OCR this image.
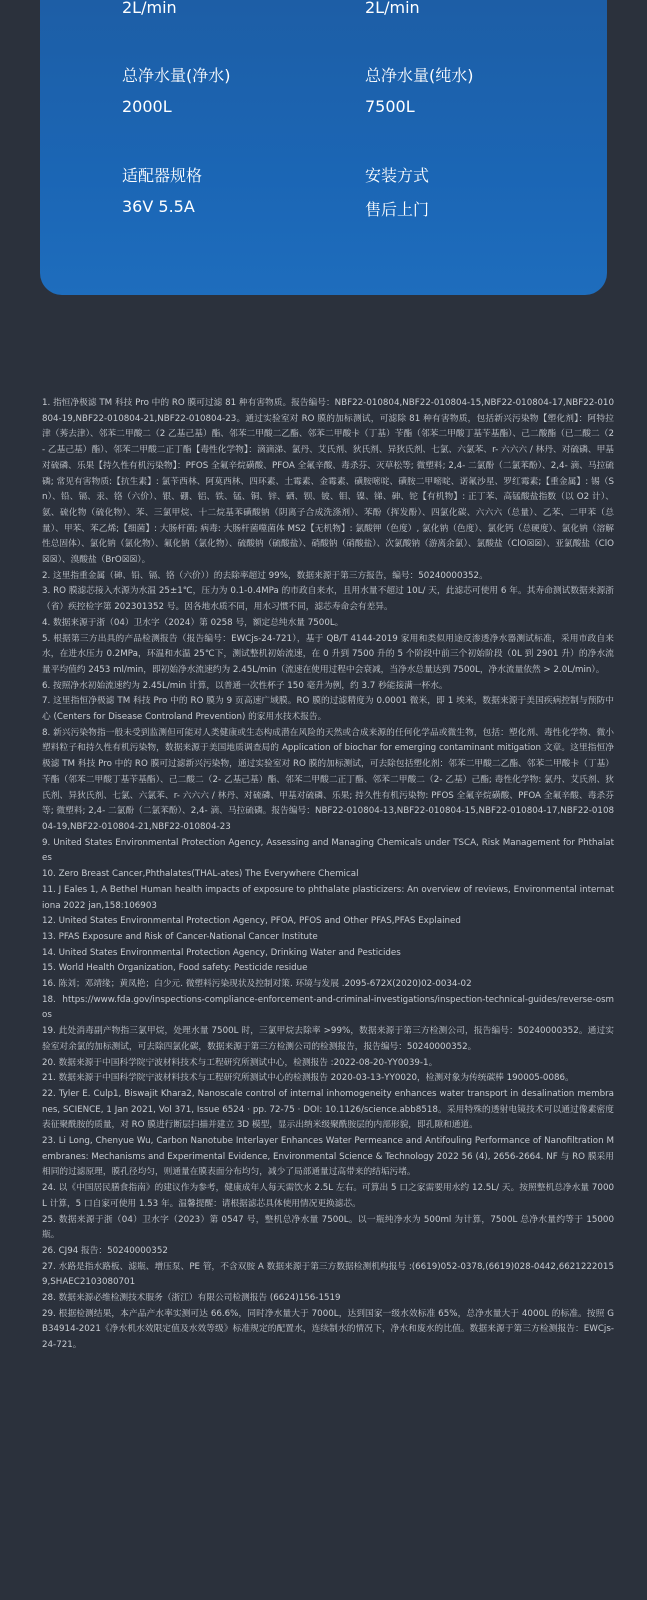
2L/min	2L/min
总净水量(净水)	总净水量(纯水)
2000L	7500L
适配器规格	安装方式
36V 5.5A	售后上门

1. 指恒净极滤 TM 科技 Pro 中的 RO 膜可过滤 81 种有害物质。报告编号：NBF22-010804,NBF22-010804-15,NBF22-010804-17,NBF22-010804-19,NBF22-010804-21,NBF22-010804-23。通过实验室对 RO 膜的加标测试，可滤除 81 种有害物质，包括新兴污染物【塑化剂】：阿特拉津（莠去津）、邻苯二甲酸二（2 乙基己基）酯、邻苯二甲酸二乙酯、邻苯二甲酸卡（丁基）苄酯（邻苯二甲酸丁基苄基酯）、己二酸酯（已二酸二（2- 乙基己基）酯）、邻苯二甲酸二正丁酯【毒性化学物】：滴滴涕、氯丹、艾氏剂、狄氏剂、异狄氏剂、七氯、六氯苯、r- 六六六 / 林丹、对硫磷、甲基对硫磷、乐果【持久性有机污染物】：PFOS 全氟辛烷磺酸、PFOA 全氟辛酸、毒杀芬、灭草松等; 微塑料; 2,4- 二氯酚（二氯苯酚）、2,4- 滴、马拉硫磷; 常见有害物质:【抗生素】: 氯苄西林、阿莫西林、四环素、土霉素、金霉素、磺胺嘧啶、磺胺二甲嘧啶、诺氟沙星、罗红霉素;【重金属】: 锡（Sn）、铅、镉、汞、铬（六价）、银、硼、铝、铁、锰、铜、锌、硒、钡、铍、钼、镍、锑、砷、铊【有机物】: 正丁苯、高锰酸盐指数（以 O2 计）、氨、硫化物（硫化物）、苯、三氯甲烷、十二烷基苯磺酸钠（阴离子合成洗涤剂）、苯酚（挥发酚）、四氯化碳、六六六（总量）、乙苯、二甲苯（总量）、甲苯、苯乙烯;【细菌】: 大肠杆菌; 病毒: 大肠杆菌噬菌体 MS2【无机物】: 氯酸钾（色度）, 氯化钠（色度）、氯化钙（总硬度）、氯化钠（溶解性总固体）、氯化钠（氯化物）、氟化钠（氯化物）、硫酸钠（硫酸盐）、硝酸钠（硝酸盐）、次氯酸钠（游离余氯）、氯酸盐（ClO☒☒）、亚氯酸盐（ClO☒☒）、溴酸盐（BrO☒☒）。

2. 这里指重金属（砷、铅、镉、铬（六价））的去除率超过 99%，数据来源于第三方报告，编号：50240000352。

3. RO 膜滤芯接入水源为水温 25±1℃，压力为 0.1-0.4MPa 的市政自来水，且用水量不超过 10L/ 天，此滤芯可使用 6 年。其寿命测试数据来源浙（省）疾控检字第 202301352 号。因各地水质不同，用水习惯不同，滤芯寿命会有差异。

4. 数据来源于浙（04）卫水字（2024）第 0258 号，额定总纯水量 7500L。

5. 根据第三方出具的产品检测报告（报告编号：EWCjs-24-721），基于 QB/T 4144-2019 家用和类似用途反渗透净水器测试标准，采用市政自来水，在进水压力 0.2MPa，环温和水温 25℃下，测试整机初始流速，在 0 升到 7500 升的 5 个阶段中前三个初始阶段（0L 到 2901 升）的净水流量平均值约 2453 ml/min，即初始净水流速约为 2.45L/min（流速在使用过程中会衰减，当净水总量达到 7500L，净水流量依然 > 2.0L/min）。

6. 按照净水初始流速约为 2.45L/min 计算，以普通一次性杯子 150 毫升为例，约 3.7 秒能接满一杯水。

7. 这里指恒净极滤 TM 科技 Pro 中的 RO 膜为 9 页高速广域膜。RO 膜的过滤精度为 0.0001 微米，即 1 埃米，数据来源于美国疾病控制与预防中心 (Centers for Disease Controland Prevention) 的家用水技术报告。

8. 新兴污染物指一般未受到监测但可能对人类健康或生态构成潜在风险的天然或合成来源的任何化学品或微生物，包括：塑化剂、毒性化学物、微小塑料粒子和持久性有机污染物，数据来源于美国地质调查局的 Application of biochar for emerging contaminant mitigation 文章。这里指恒净极滤 TM 科技 Pro 中的 RO 膜可过滤新兴污染物，通过实验室对 RO 膜的加标测试，可去除包括塑化剂：邻苯二甲酸二乙酯、邻苯二甲酸卡（丁基）苄酯（邻苯二甲酸丁基苄基酯）、己二酸二（2- 乙基己基）酯、邻苯二甲酸二正丁酯、邻苯二甲酸二（2- 乙基）己酯; 毒性化学物: 氯丹、艾氏剂、狄氏剂、异狄氏剂、七氯、六氯苯、r- 六六六 / 林丹、对硫磷、甲基对硫磷、乐果; 持久性有机污染物: PFOS 全氟辛烷磺酸、PFOA 全氟辛酸、毒杀芬等; 微塑料; 2,4- 二氯酚（二氯苯酚）、2,4- 滴、马拉硫磷。报告编号：NBF22-010804-13,NBF22-010804-15,NBF22-010804-17,NBF22-010804-19,NBF22-010804-21,NBF22-010804-23

9. United States Environmental Protection Agency, Assessing and Managing Chemicals under TSCA, Risk Management for Phthalates

10. Zero Breast Cancer,Phthalates(THAL-ates) The Everywhere Chemical

11. J Eales 1, A Bethel Human health impacts of exposure to phthalate plasticizers: An overview of reviews, Environmental internationa 2022 jan,158:106903

12. United States Environmental Protection Agency, PFOA, PFOS and Other PFAS,PFAS Explained

13. PFAS Exposure and Risk of Cancer-National Cancer Institute

14. United States Environmental Protection Agency, Drinking Water and Pesticides

15. World Health Organization, Food safety: Pesticide residue

16. 陈刘；邓靖缘；黄凤艳；白少元. 微塑料污染现状及控制对策. 环境与发展 .2095-672X(2020)02-0034-02

18. https://www.fda.gov/inspections-compliance-enforcement-and-criminal-investigations/inspection-technical-guides/reverse-osmos

19. 此处消毒副产物指三氯甲烷，处理水量 7500L 时，三氯甲烷去除率 >99%，数据来源于第三方检测公司，报告编号：50240000352。通过实验室对余氯的加标测试，可去除四氯化碳，数据来源于第三方检测公司的检测报告，报告编号：50240000352。

20. 数据来源于中国科学院宁波材料技术与工程研究所测试中心，检测报告 :2022-08-20-YY0039-1。

21. 数据来源于中国科学院宁波材料技术与工程研究所测试中心的检测报告 2020-03-13-YY0020，检测对象为传统碳棒 190005-0086。

22. Tyler E. Culp1, Biswajit Khara2, Nanoscale control of internal inhomogeneity enhances water transport in desalination membranes, SCIENCE, 1 Jan 2021, Vol 371, Issue 6524 · pp. 72-75 · DOI: 10.1126/science.abb8518。采用特殊的透射电镜技术可以通过像素密度表征聚酰胺的质量，对 RO 膜进行断层扫描并建立 3D 模型，显示出纳米级聚酰胺层的内部形貌，即孔隙和通道。

23. Li Long, Chenyue Wu, Carbon Nanotube Interlayer Enhances Water Permeance and Antifouling Performance of Nanofiltration Membranes: Mechanisms and Experimental Evidence, Environmental Science & Technology 2022 56 (4), 2656-2664. NF 与 RO 膜采用相同的过滤原理，膜孔径均匀，则通量在膜表面分布均匀，减少了局部通量过高带来的结垢污堵。

24. 以《中国居民膳食指南》的建议作为参考，健康成年人每天需饮水 2.5L 左右。可算出 5 口之家需要用水约 12.5L/ 天。按照整机总净水量 7000L 计算，5 口自家可使用 1.53 年。温馨提醒：请根据滤芯具体使用情况更换滤芯。

25. 数据来源于浙（04）卫水字（2023）第 0547 号，整机总净水量 7500L。以一瓶纯净水为 500ml 为计算，7500L 总净水量约等于 15000 瓶。

26. CJ94 报告：50240000352

27. 水路是指水路板、滤瓶、增压泵、PE 管，不含双胺 A 数据来源于第三方数据检测机构报号 :(6619)052-0378,(6619)028-0442,66212220159,SHAEC2103080701

28. 数据来源必维检测技术服务（浙江）有限公司检测报告 (6624)156-1519

29. 根据检测结果，本产品产水率实测可达 66.6%，同时净水量大于 7000L，达到国家一级水效标准 65%，总净水量大于 4000L 的标准。按照 GB34914-2021《净水机水效限定值及水效等级》标准规定的配置水，连续制水的情况下，净水和废水的比值。数据来源于第三方检测报告：EWCjs-24-721。
